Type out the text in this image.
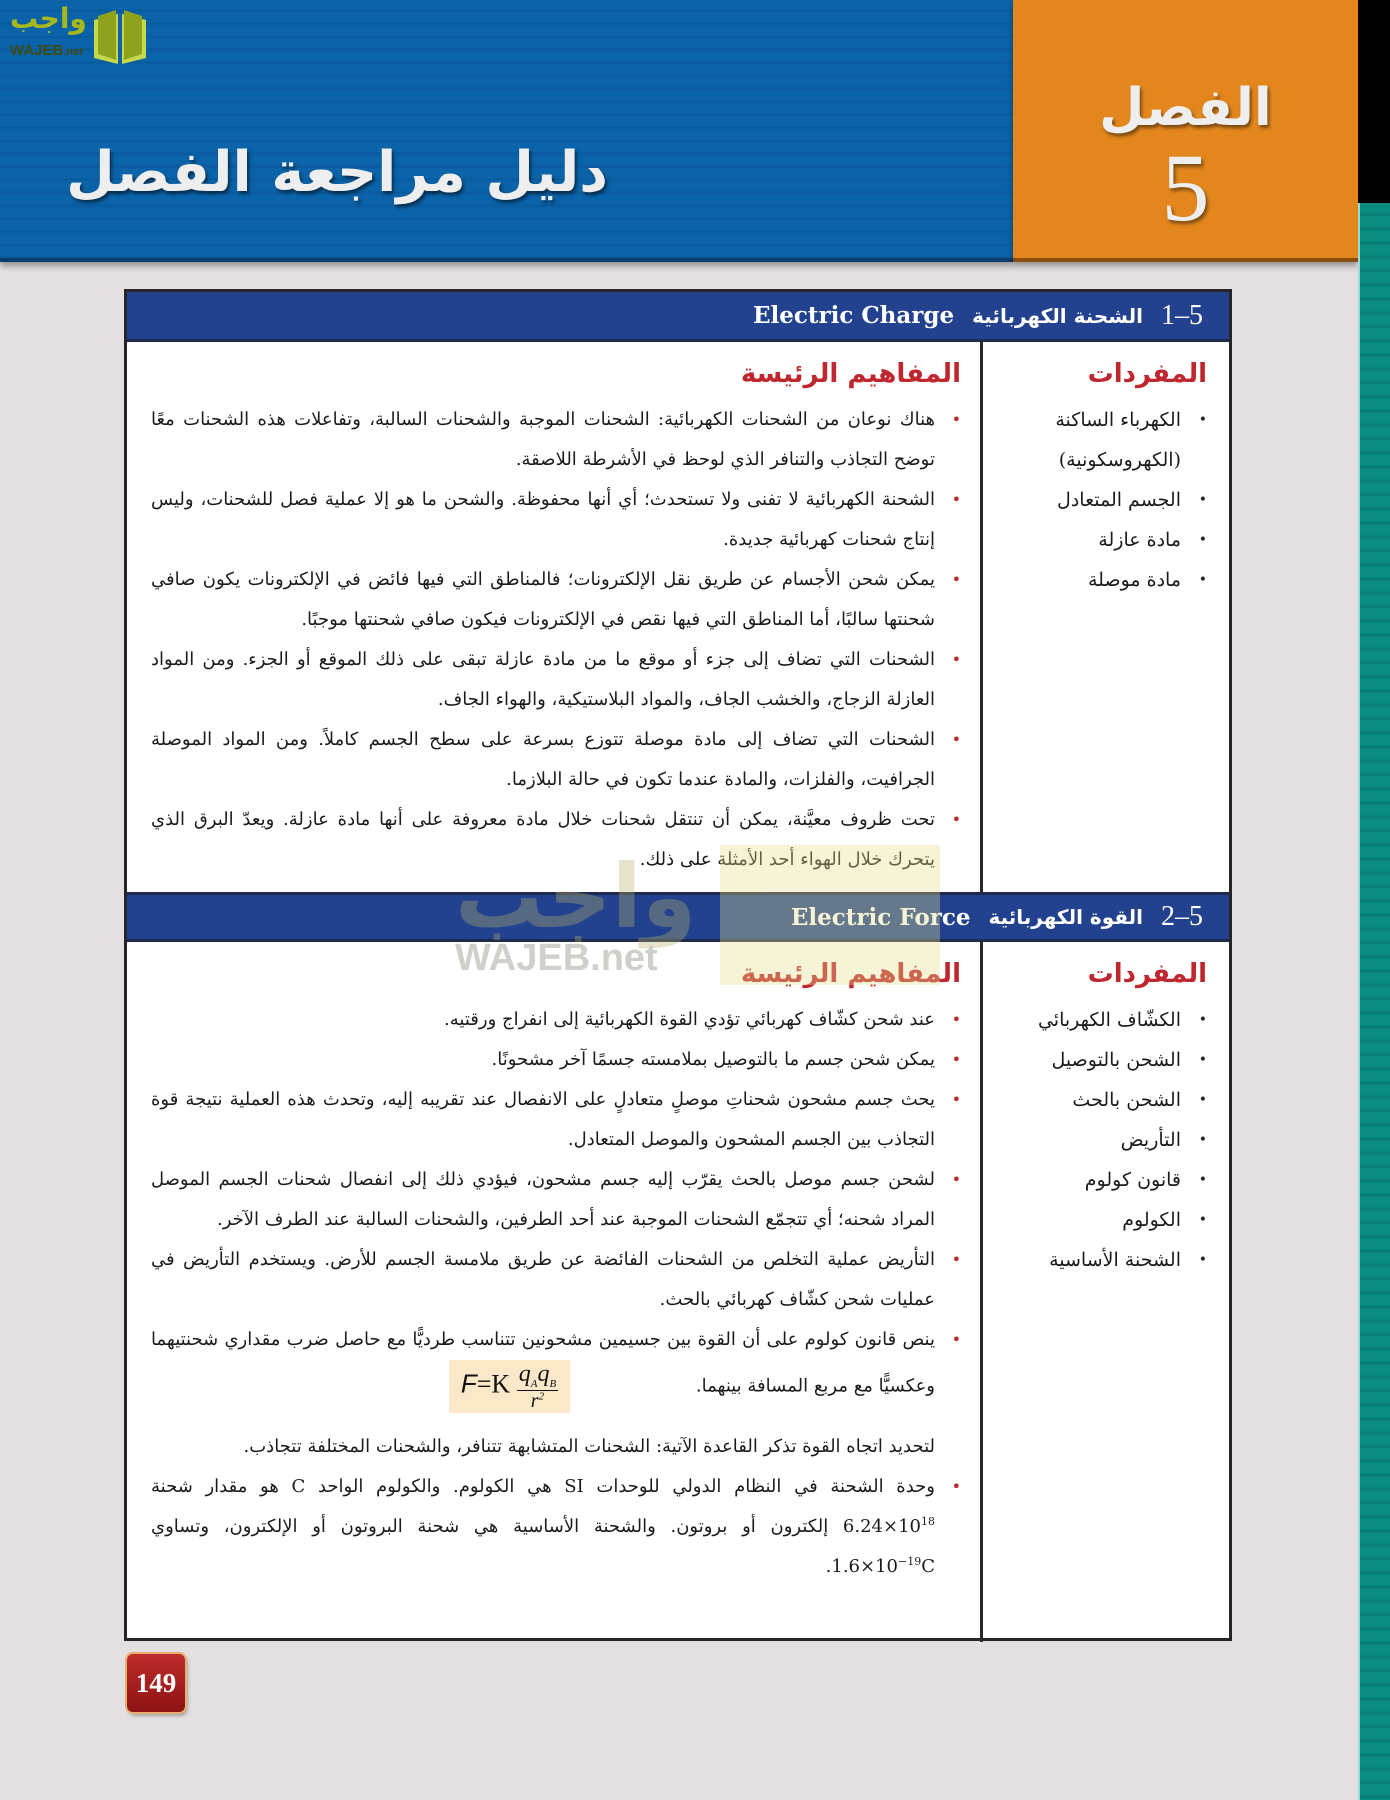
واجب
WAJEB.net
دليل مراجعة الفصل
الفصل
5
5–1
الشحنة الكهربائية
Electric Charge
المفردات
•
الكهرباء الساكنة (الكهروسكونية)
•
الجسم المتعادل
•
مادة عازلة
•
مادة موصلة
المفاهيم الرئيسة
•
هناك نوعان من الشحنات الكهربائية: الشحنات الموجبة والشحنات السالبة، وتفاعلات هذه الشحنات معًا توضح التجاذب والتنافر الذي لوحظ في الأشرطة اللاصقة.
•
الشحنة الكهربائية لا تفنى ولا تستحدث؛ أي أنها محفوظة. والشحن ما هو إلا عملية فصل للشحنات، وليس إنتاج شحنات كهربائية جديدة.
•
يمكن شحن الأجسام عن طريق نقل الإلكترونات؛ فالمناطق التي فيها فائض في الإلكترونات يكون صافي شحنتها سالبًا، أما المناطق التي فيها نقص في الإلكترونات فيكون صافي شحنتها موجبًا.
•
الشحنات التي تضاف إلى جزء أو موقع ما من مادة عازلة تبقى على ذلك الموقع أو الجزء. ومن المواد العازلة الزجاج، والخشب الجاف، والمواد البلاستيكية، والهواء الجاف.
•
الشحنات التي تضاف إلى مادة موصلة تتوزع بسرعة على سطح الجسم كاملاً. ومن المواد الموصلة الجرافيت، والفلزات، والمادة عندما تكون في حالة البلازما.
•
تحت ظروف معيَّنة، يمكن أن تنتقل شحنات خلال مادة معروفة على أنها مادة عازلة. ويعدّ البرق الذي يتحرك خلال الهواء أحد الأمثلة على ذلك.
5–2
القوة الكهربائية
Electric Force
المفردات
•
الكشّاف الكهربائي
•
الشحن بالتوصيل
•
الشحن بالحث
•
التأريض
•
قانون كولوم
•
الكولوم
•
الشحنة الأساسية
المفاهيم الرئيسة
•
عند شحن كشّاف كهربائي تؤدي القوة الكهربائية إلى انفراج ورقتيه.
•
يمكن شحن جسم ما بالتوصيل بملامسته جسمًا آخر مشحونًا.
•
يحث جسم مشحون شحناتِ موصلٍ متعادلٍ على الانفصال عند تقريبه إليه، وتحدث هذه العملية نتيجة قوة التجاذب بين الجسم المشحون والموصل المتعادل.
•
لشحن جسم موصل بالحث يقرّب إليه جسم مشحون، فيؤدي ذلك إلى انفصال شحنات الجسم الموصل المراد شحنه؛ أي تتجمّع الشحنات الموجبة عند أحد الطرفين، والشحنات السالبة عند الطرف الآخر.
•
التأريض عملية التخلص من الشحنات الفائضة عن طريق ملامسة الجسم للأرض. ويستخدم التأريض في عمليات شحن كشّاف كهربائي بالحث.
•
ينص قانون كولوم على أن القوة بين جسيمين مشحونين تتناسب طرديًّا مع حاصل ضرب مقداري شحنتيهما وعكسيًّا مع مربع المسافة بينهما. $F=K \frac{q_Aq_B}{r^2}$
لتحديد اتجاه القوة تذكر القاعدة الآتية: الشحنات المتشابهة تتنافر، والشحنات المختلفة تتجاذب.
•
وحدة الشحنة في النظام الدولي للوحدات SI هي الكولوم. والكولوم الواحد C هو مقدار شحنة $6.24\times 10^{18}$ إلكترون أو بروتون. والشحنة الأساسية هي شحنة البروتون أو الإلكترون، وتساوي $1.6\times 10^{-19}C$.
واجب
WAJEB.net
149
